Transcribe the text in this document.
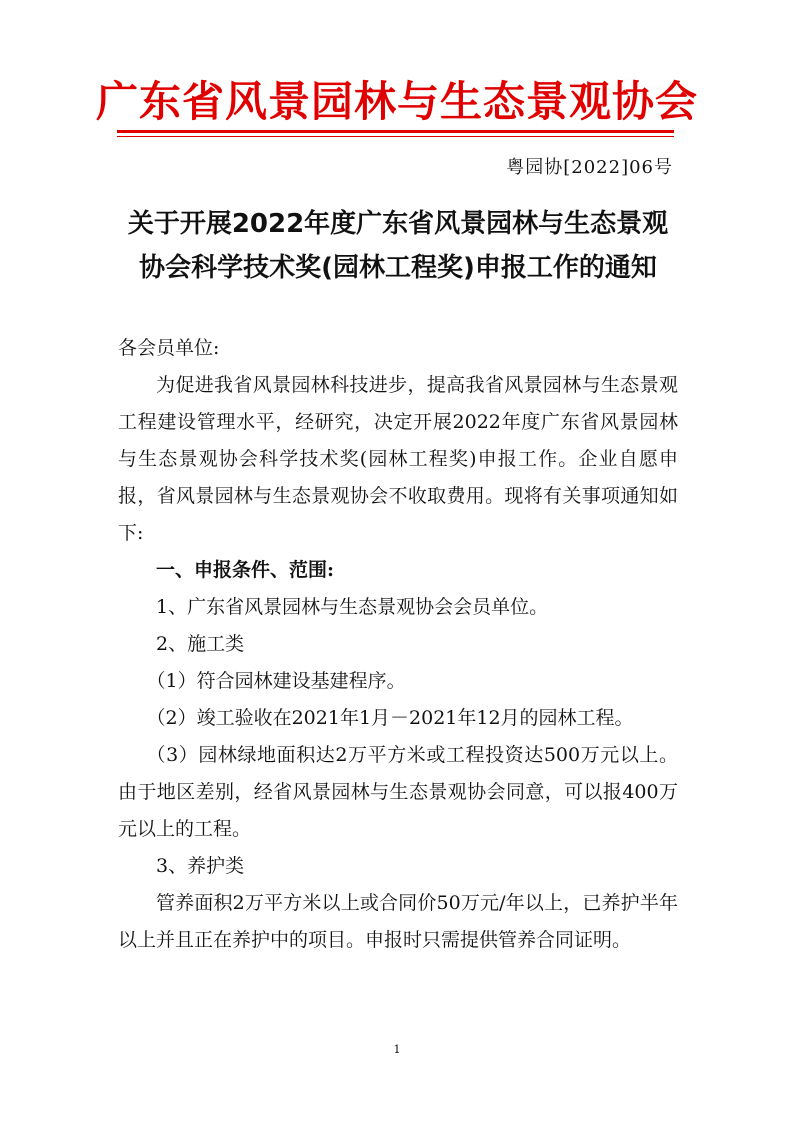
广东省风景园林与生态景观协会
粤园协[2022]06号
关于开展2022年度广东省风景园林与生态景观协会科学技术奖(园林工程奖)申报工作的通知

各会员单位:

为促进我省风景园林科技进步，提高我省风景园林与生态景观工程建设管理水平，经研究，决定开展2022年度广东省风景园林与生态景观协会科学技术奖(园林工程奖)申报工作。企业自愿申报，省风景园林与生态景观协会不收取费用。现将有关事项通知如下:

一、申报条件、范围:

1、广东省风景园林与生态景观协会会员单位。

2、施工类

（1）符合园林建设基建程序。

（2）竣工验收在2021年1月－2021年12月的园林工程。

（3）园林绿地面积达2万平方米或工程投资达500万元以上。由于地区差别，经省风景园林与生态景观协会同意，可以报400万元以上的工程。

3、养护类

管养面积2万平方米以上或合同价50万元/年以上，已养护半年以上并且正在养护中的项目。申报时只需提供管养合同证明。

1
